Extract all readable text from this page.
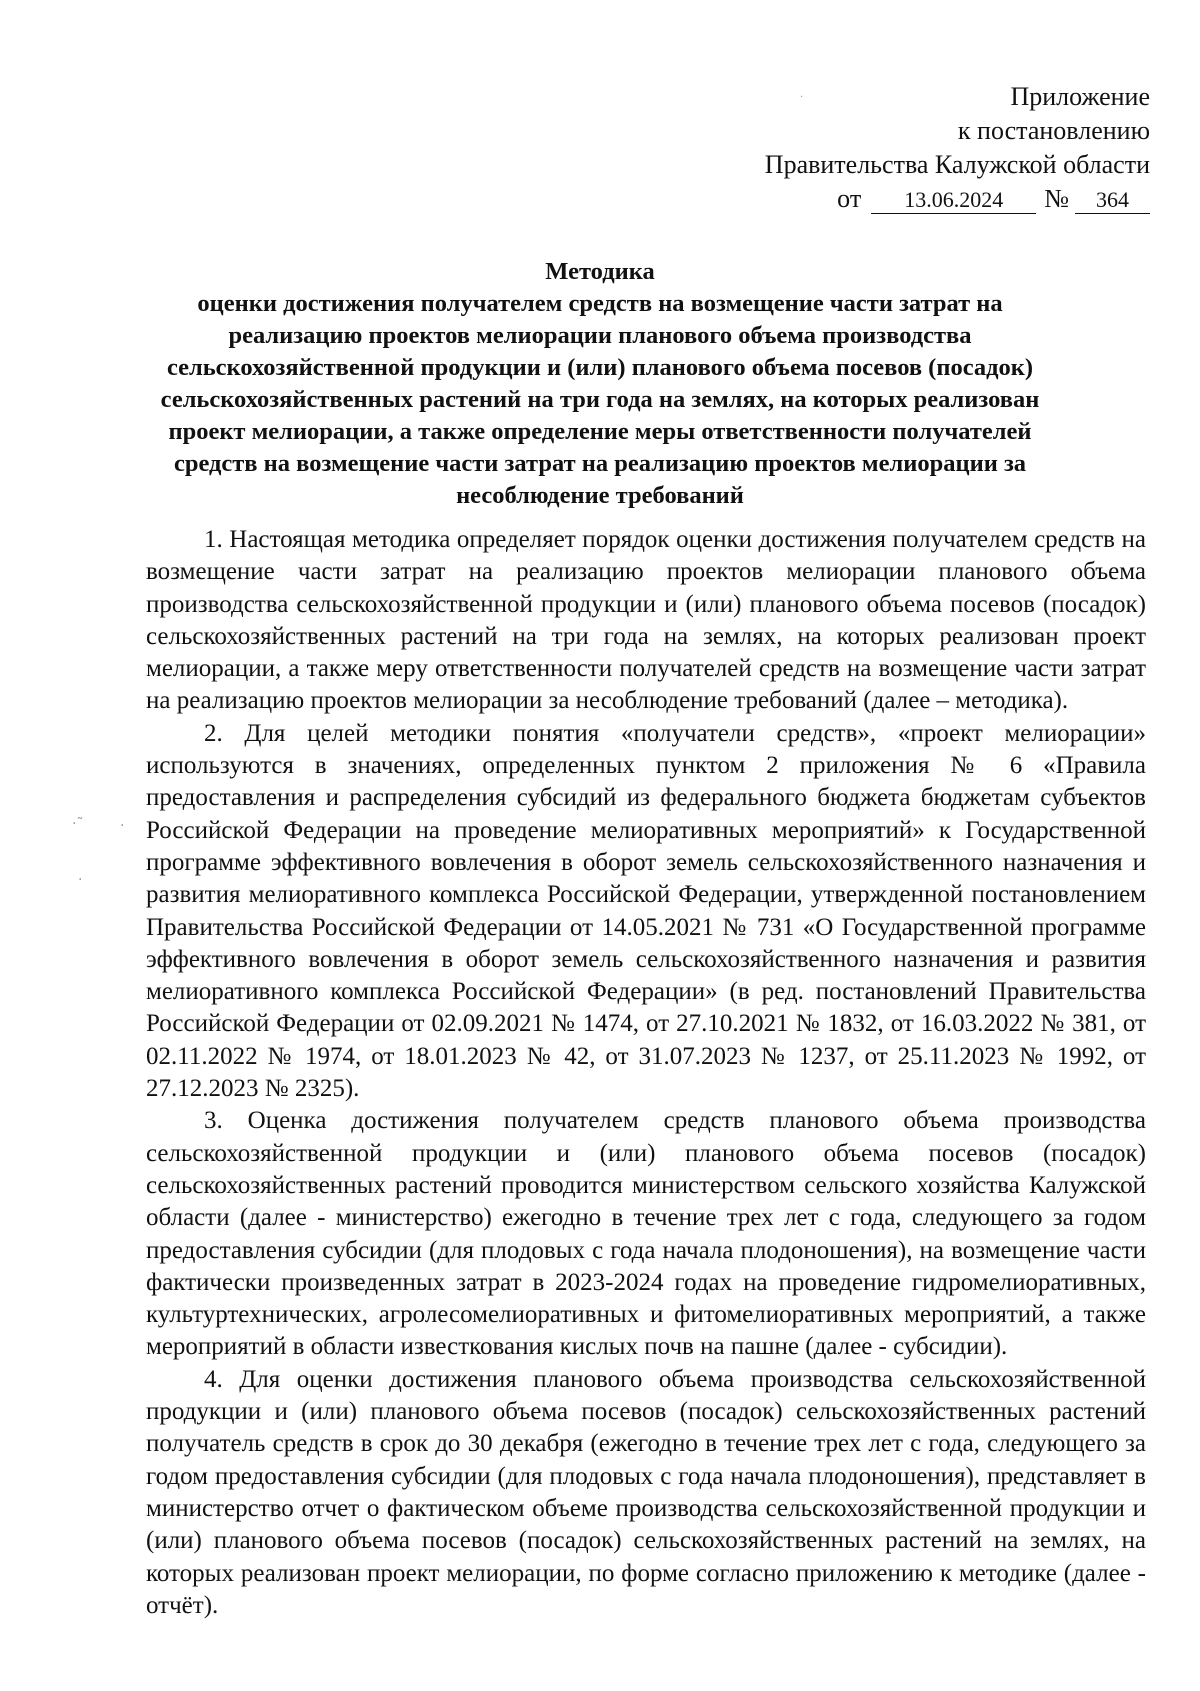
·
·˜	·
·
Приложение
к постановлению
Правительства Калужской области
от 13.06.2024 № 364
Методика
оценки достижения получателем средств на возмещение части затрат на реализацию проектов мелиорации планового объема производства сельскохозяйственной продукции и (или) планового объема посевов (посадок) сельскохозяйственных растений на три года на землях, на которых реализован проект мелиорации, а также определение меры ответственности получателей средств на возмещение части затрат на реализацию проектов мелиорации за несоблюдение требований

1. Настоящая методика определяет порядок оценки достижения получателем средств на возмещение части затрат на реализацию проектов мелиорации планового объема производства сельскохозяйственной продукции и (или) планового объема посевов (посадок) сельскохозяйственных растений на три года на землях, на которых реализован проект мелиорации, а также меру ответственности получателей средств на возмещение части затрат на реализацию проектов мелиорации за несоблюдение требований (далее – методика).

2. Для целей методики понятия «получатели средств», «проект мелиорации» используются в значениях, определенных пунктом 2 приложения № 6 «Правила предоставления и распределения субсидий из федерального бюджета бюджетам субъектов Российской Федерации на проведение мелиоративных мероприятий» к Государственной программе эффективного вовлечения в оборот земель сельскохозяйственного назначения и развития мелиоративного комплекса Российской Федерации, утвержденной постановлением Правительства Российской Федерации от 14.05.2021 № 731 «О Государственной программе эффективного вовлечения в оборот земель сельскохозяйственного назначения и развития мелиоративного комплекса Российской Федерации» (в ред. постановлений Правительства Российской Федерации от 02.09.2021 № 1474, от 27.10.2021 № 1832, от 16.03.2022 № 381, от 02.11.2022 № 1974, от 18.01.2023 № 42, от 31.07.2023 № 1237, от 25.11.2023 № 1992, от 27.12.2023 № 2325).

3. Оценка достижения получателем средств планового объема производства сельскохозяйственной продукции и (или) планового объема посевов (посадок) сельскохозяйственных растений проводится министерством сельского хозяйства Калужской области (далее - министерство) ежегодно в течение трех лет с года, следующего за годом предоставления субсидии (для плодовых с года начала плодоношения), на возмещение части фактически произведенных затрат в 2023-2024 годах на проведение гидромелиоративных, культуртехнических, агролесомелиоративных и фитомелиоративных мероприятий, а также мероприятий в области известкования кислых почв на пашне (далее - субсидии).

4. Для оценки достижения планового объема производства сельскохозяйственной продукции и (или) планового объема посевов (посадок) сельскохозяйственных растений получатель средств в срок до 30 декабря (ежегодно в течение трех лет с года, следующего за годом предоставления субсидии (для плодовых с года начала плодоношения), представляет в министерство отчет о фактическом объеме производства сельскохозяйственной продукции и (или) планового объема посевов (посадок) сельскохозяйственных растений на землях, на которых реализован проект мелиорации, по форме согласно приложению к методике (далее - отчёт).
